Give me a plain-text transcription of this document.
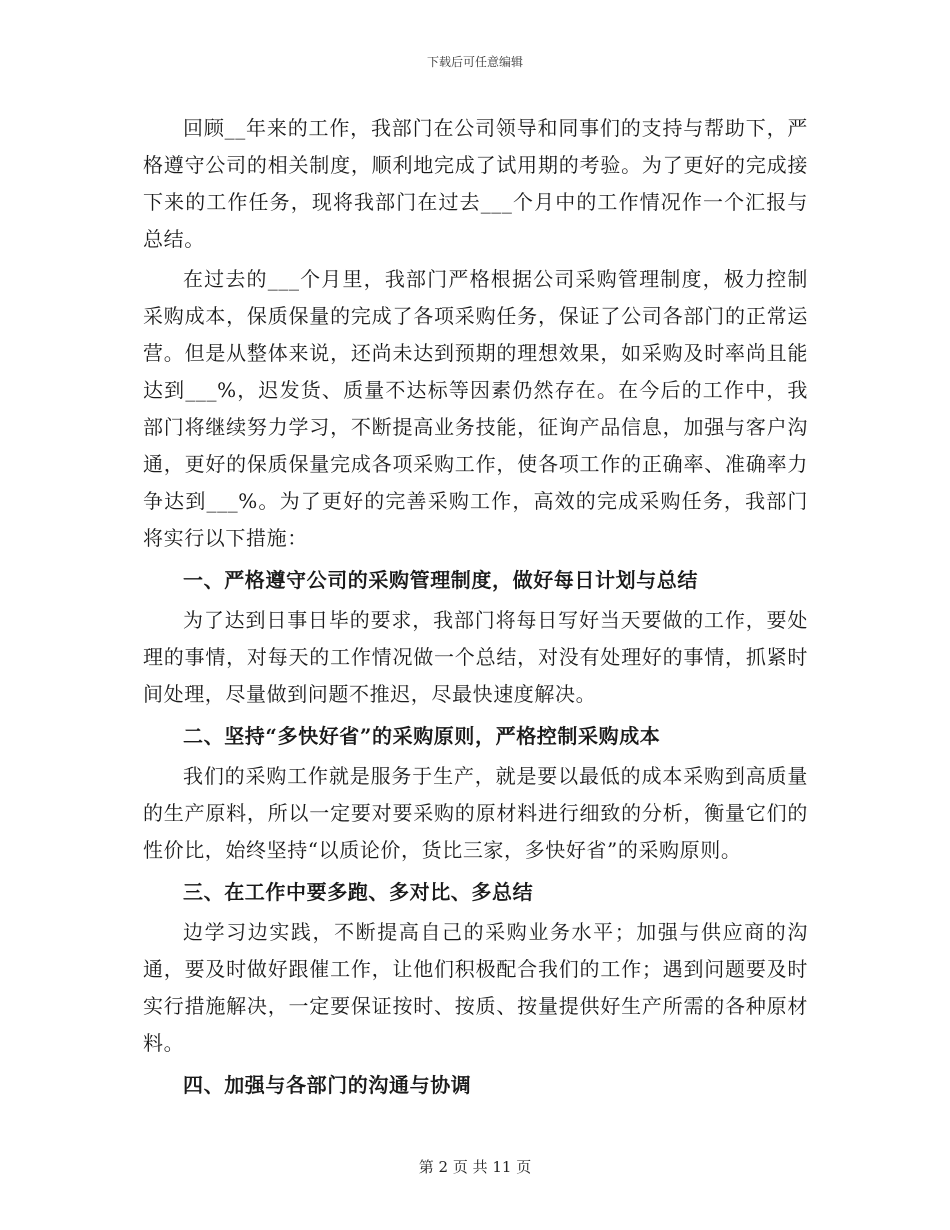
下载后可任意编辑

回顾__年来的工作，我部门在公司领导和同事们的支持与帮助下，严格遵守公司的相关制度，顺利地完成了试用期的考验。为了更好的完成接下来的工作任务，现将我部门在过去___个月中的工作情况作一个汇报与总结。

在过去的___个月里，我部门严格根据公司采购管理制度，极力控制采购成本，保质保量的完成了各项采购任务，保证了公司各部门的正常运营。但是从整体来说，还尚未达到预期的理想效果，如采购及时率尚且能达到___%，迟发货、质量不达标等因素仍然存在。在今后的工作中，我部门将继续努力学习，不断提高业务技能，征询产品信息，加强与客户沟通，更好的保质保量完成各项采购工作，使各项工作的正确率、准确率力争达到___%。为了更好的完善采购工作，高效的完成采购任务，我部门将实行以下措施：

一、严格遵守公司的采购管理制度，做好每日计划与总结

为了达到日事日毕的要求，我部门将每日写好当天要做的工作，要处理的事情，对每天的工作情况做一个总结，对没有处理好的事情，抓紧时间处理，尽量做到问题不推迟，尽最快速度解决。

二、坚持“多快好省”的采购原则，严格控制采购成本

我们的采购工作就是服务于生产，就是要以最低的成本采购到高质量的生产原料，所以一定要对要采购的原材料进行细致的分析，衡量它们的性价比，始终坚持“以质论价，货比三家，多快好省”的采购原则。

三、在工作中要多跑、多对比、多总结

边学习边实践，不断提高自己的采购业务水平；加强与供应商的沟通，要及时做好跟催工作，让他们积极配合我们的工作；遇到问题要及时实行措施解决，一定要保证按时、按质、按量提供好生产所需的各种原材料。

四、加强与各部门的沟通与协调

第 2 页 共 11 页
